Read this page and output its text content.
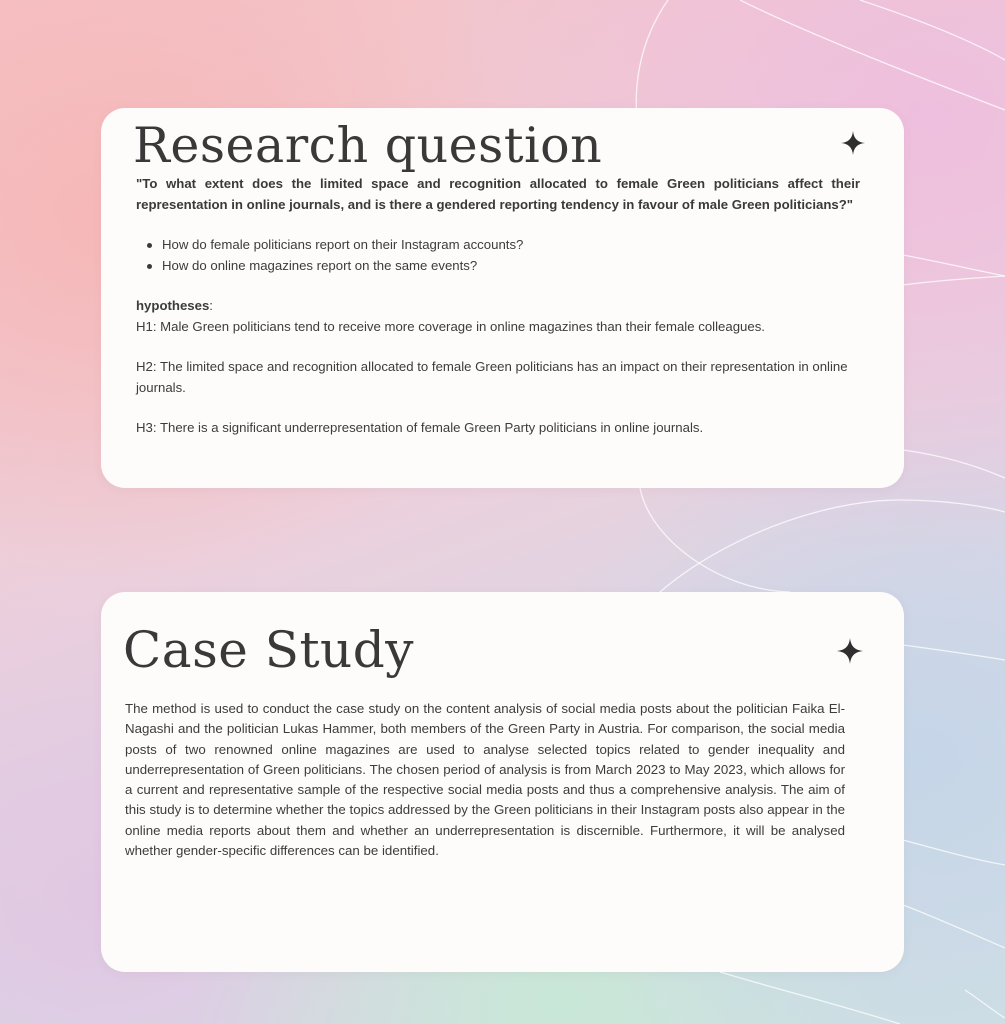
Research question

"To what extent does the limited space and recognition allocated to female Green politicians affect their representation in online journals, and is there a gendered reporting tendency in favour of male Green politicians?"

How do female politicians report on their Instagram accounts?
How do online magazines report on the same events?

hypotheses:

H1: Male Green politicians tend to receive more coverage in online magazines than their female colleagues.

H2: The limited space and recognition allocated to female Green politicians has an impact on their representation in online journals.

H3: There is a significant underrepresentation of female Green Party politicians in online journals.

Case Study

The method is used to conduct the case study on the content analysis of social media posts about the politician Faika El-Nagashi and the politician Lukas Hammer, both members of the Green Party in Austria. For comparison, the social media posts of two renowned online magazines are used to analyse selected topics related to gender inequality and underrepresentation of Green politicians. The chosen period of analysis is from March 2023 to May 2023, which allows for a current and representative sample of the respective social media posts and thus a comprehensive analysis. The aim of this study is to determine whether the topics addressed by the Green politicians in their Instagram posts also appear in the online media reports about them and whether an underrepresentation is discernible. Furthermore, it will be analysed whether gender-specific differences can be identified.
